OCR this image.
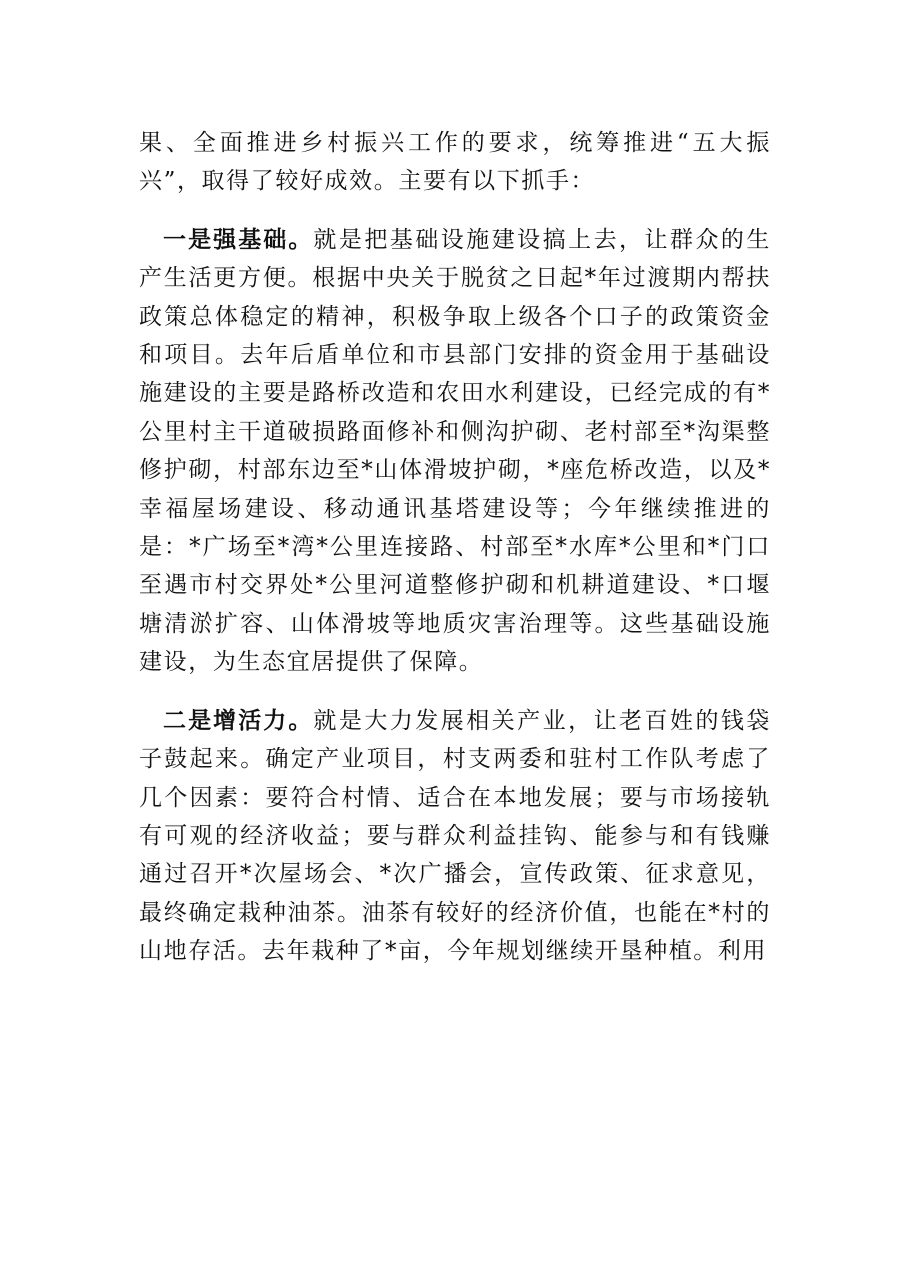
果、全面推进乡村振兴工作的要求，统筹推进“五大振兴”，取得了较好成效。主要有以下抓手：

一是强基础。就是把基础设施建设搞上去，让群众的生产生活更方便。根据中央关于脱贫之日起*年过渡期内帮扶政策总体稳定的精神，积极争取上级各个口子的政策资金和项目。去年后盾单位和市县部门安排的资金用于基础设施建设的主要是路桥改造和农田水利建设，已经完成的有*公里村主干道破损路面修补和侧沟护砌、老村部至*沟渠整修护砌，村部东边至*山体滑坡护砌，*座危桥改造，以及*幸福屋场建设、移动通讯基塔建设等；今年继续推进的是：*广场至*湾*公里连接路、村部至*水库*公里和*门口至遇市村交界处*公里河道整修护砌和机耕道建设、*口堰塘清淤扩容、山体滑坡等地质灾害治理等。这些基础设施建设，为生态宜居提供了保障。

二是增活力。就是大力发展相关产业，让老百姓的钱袋子鼓起来。确定产业项目，村支两委和驻村工作队考虑了几个因素：要符合村情、适合在本地发展；要与市场接轨有可观的经济收益；要与群众利益挂钩、能参与和有钱赚通过召开*次屋场会、*次广播会，宣传政策、征求意见，最终确定栽种油茶。油茶有较好的经济价值，也能在*村的山地存活。去年栽种了*亩，今年规划继续开垦种植。利用
